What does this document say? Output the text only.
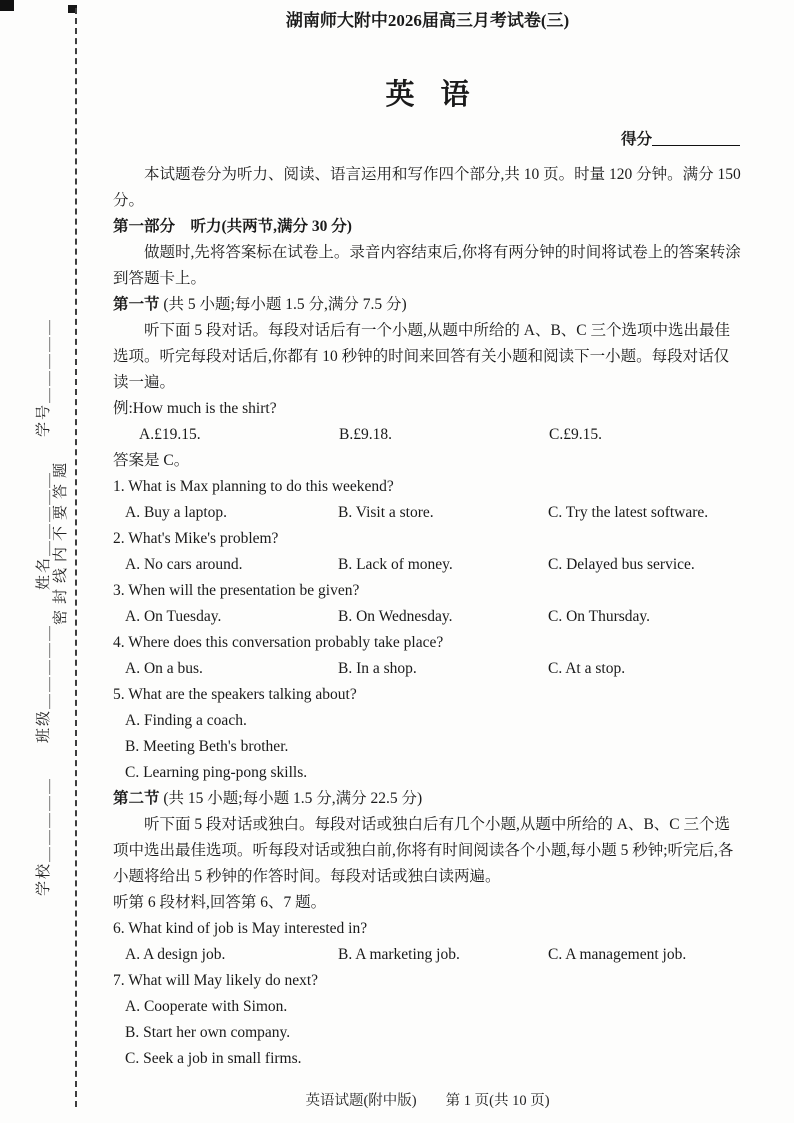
学校＿＿＿＿＿　　班级＿＿＿＿＿　　姓名＿＿＿＿＿　　学号＿＿＿＿＿ 密封线内不要答题
湖南师大附中2026届高三月考试卷(三)
英语
得分

本试题卷分为听力、阅读、语言运用和写作四个部分,共 10 页。时量 120 分钟。满分 150 分。

第一部分　听力(共两节,满分 30 分)

做题时,先将答案标在试卷上。录音内容结束后,你将有两分钟的时间将试卷上的答案转涂到答题卡上。

第一节 (共 5 小题;每小题 1.5 分,满分 7.5 分)

听下面 5 段对话。每段对话后有一个小题,从题中所给的 A、B、C 三个选项中选出最佳选项。听完每段对话后,你都有 10 秒钟的时间来回答有关小题和阅读下一小题。每段对话仅读一遍。

例:How much is the shirt?

A.£19.15.	B.£9.18.	C.£9.15.

答案是 C。

1. What is Max planning to do this weekend?

A. Buy a laptop.	B. Visit a store.	C. Try the latest software.

2. What's Mike's problem?

A. No cars around.	B. Lack of money.	C. Delayed bus service.

3. When will the presentation be given?

A. On Tuesday.	B. On Wednesday.	C. On Thursday.

4. Where does this conversation probably take place?

A. On a bus.	B. In a shop.	C. At a stop.

5. What are the speakers talking about?

A. Finding a coach.
B. Meeting Beth's brother.
C. Learning ping-pong skills.
第二节 (共 15 小题;每小题 1.5 分,满分 22.5 分)

听下面 5 段对话或独白。每段对话或独白后有几个小题,从题中所给的 A、B、C 三个选项中选出最佳选项。听每段对话或独白前,你将有时间阅读各个小题,每小题 5 秒钟;听完后,各小题将给出 5 秒钟的作答时间。每段对话或独白读两遍。

听第 6 段材料,回答第 6、7 题。

6. What kind of job is May interested in?

A. A design job.	B. A marketing job.	C. A management job.

7. What will May likely do next?

A. Cooperate with Simon.
B. Start her own company.
C. Seek a job in small firms.
英语试题(附中版)　　第 1 页(共 10 页)
